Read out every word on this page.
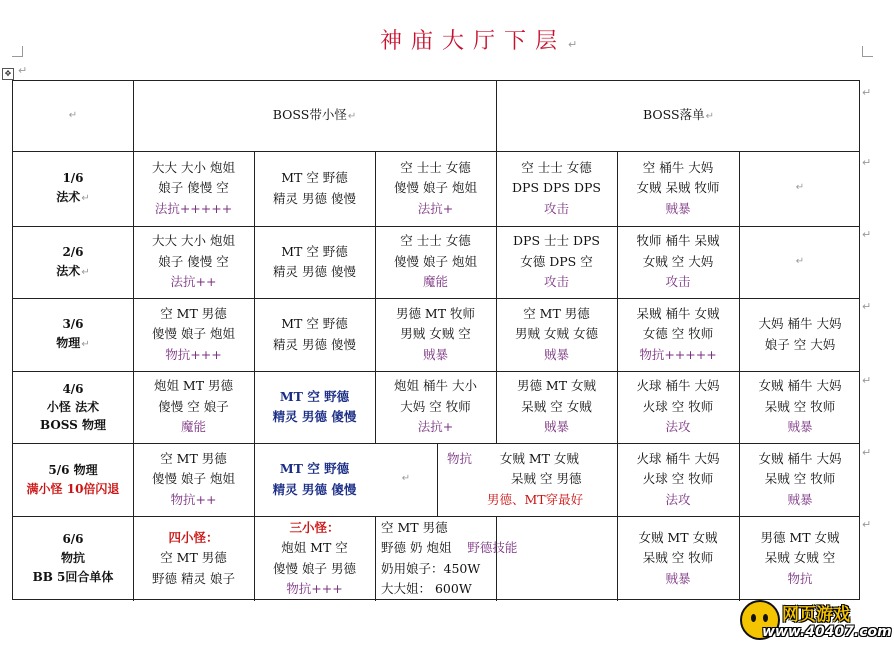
神庙大厅下层 ↵
✥ ↵
↵	BOSS带小怪↵	BOSS落单↵
1/6
法术↵
大大 大小 炮姐
娘子 傻慢 空
法抗+++++
MT 空 野德
精灵 男德 傻慢
空 士士 女德
傻慢 娘子 炮姐
法抗+
空 士士 女德
DPS DPS DPS
攻击
空 桶牛 大妈
女贼 呆贼 牧师
贼暴
↵
2/6
法术↵
大大 大小 炮姐
娘子 傻慢 空
法抗++
MT 空 野德
精灵 男德 傻慢
空 士士 女德
傻慢 娘子 炮姐
魔能
DPS 士士 DPS
女德 DPS 空
攻击
牧师 桶牛 呆贼
女贼 空 大妈
攻击
↵
3/6
物理↵
空 MT 男德
傻慢 娘子 炮姐
物抗+++
MT 空 野德
精灵 男德 傻慢
男德 MT 牧师
男贼 女贼 空
贼暴
空 MT 男德
男贼 女贼 女德
贼暴
呆贼 桶牛 女贼
女德 空 牧师
物抗+++++
大妈 桶牛 大妈
娘子 空 大妈
4/6
小怪 法术
BOSS 物理
炮姐 MT 男德
傻慢 空 娘子
魔能
MT 空 野德
精灵 男德 傻慢
炮姐 桶牛 大小
大妈 空 牧师
法抗+
男德 MT 女贼
呆贼 空 女贼
贼暴
火球 桶牛 大妈
火球 空 牧师
法攻
女贼 桶牛 大妈
呆贼 空 牧师
贼暴
5/6 物理
满小怪 10倍闪退
空 MT 男德
傻慢 娘子 炮姐
物抗++
MT 空 野德
精灵 男德 傻慢
↵
物抗 女贼 MT 女贼
呆贼 空 男德
男德、MT穿最好
火球 桶牛 大妈
火球 空 牧师
法攻
女贼 桶牛 大妈
呆贼 空 牧师
贼暴
6/6
物抗
BB 5回合单体
四小怪：
空 MT 男德
野德 精灵 娘子
三小怪：
炮姐 MT 空
傻慢 娘子 男德
物抗+++
空 MT 男德
野德 奶 炮姐 野德技能
奶用娘子：450W
大大姐： 600W
女贼 MT 女贼
呆贼 空 牧师
贼暴
男德 MT 女贼
呆贼 女贼 空
物抗
↵
↵
↵
↵
↵
↵
↵
网页游戏
www.40407.com
